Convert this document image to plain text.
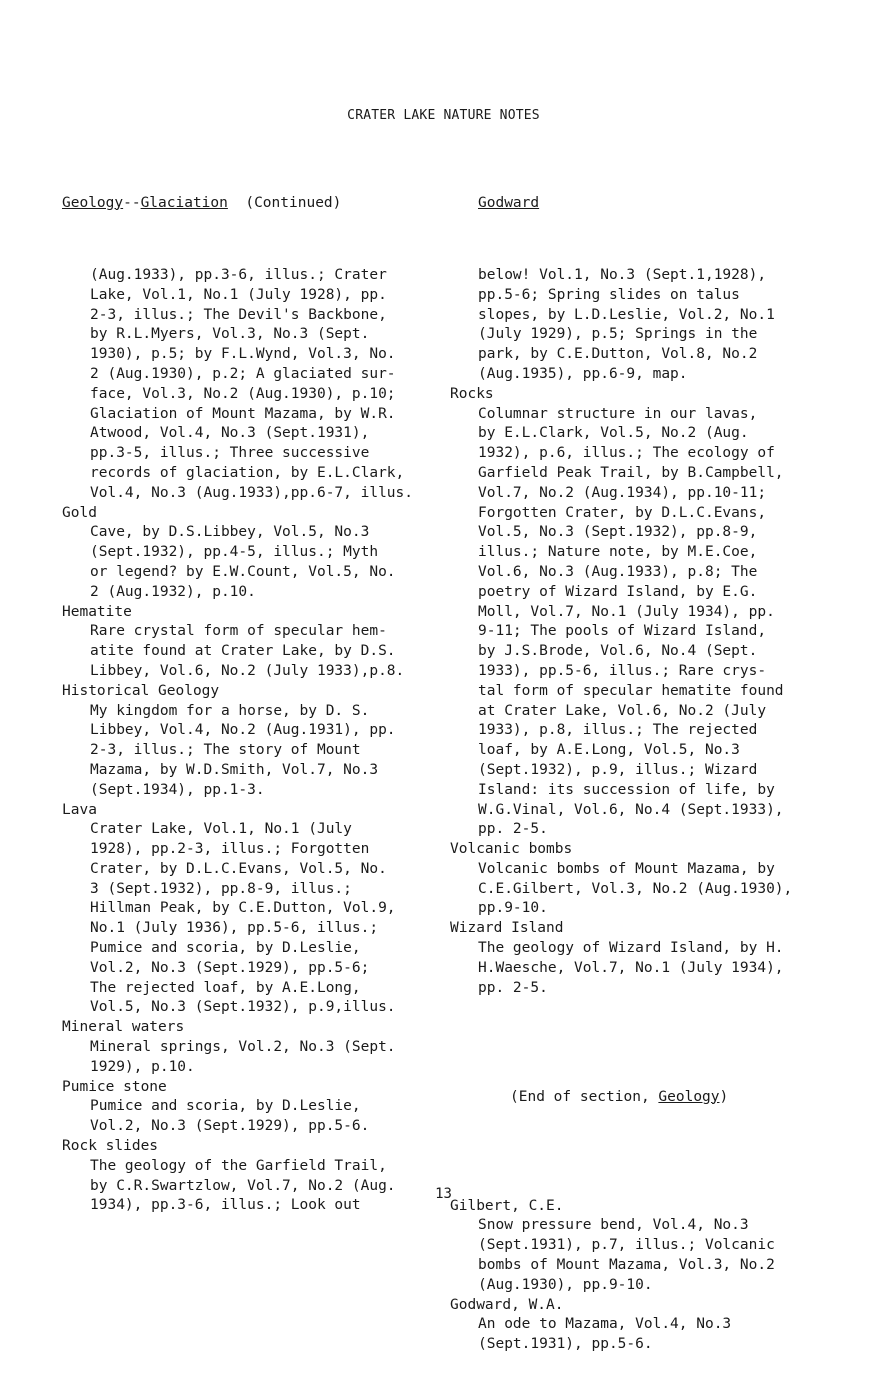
CRATER LAKE NATURE NOTES

Geology--Glaciation  (Continued)

(Aug.1933), pp.3-6, illus.; Crater
Lake, Vol.1, No.1 (July 1928), pp.
2-3, illus.; The Devil's Backbone,
by R.L.Myers, Vol.3, No.3 (Sept.
1930), p.5; by F.L.Wynd, Vol.3, No.
2 (Aug.1930), p.2; A glaciated sur-
face, Vol.3, No.2 (Aug.1930), p.10;
Glaciation of Mount Mazama, by W.R.
Atwood, Vol.4, No.3 (Sept.1931),
pp.3-5, illus.; Three successive
records of glaciation, by E.L.Clark,
Vol.4, No.3 (Aug.1933),pp.6-7, illus.
Gold
Cave, by D.S.Libbey, Vol.5, No.3
(Sept.1932), pp.4-5, illus.; Myth
or legend? by E.W.Count, Vol.5, No.
2 (Aug.1932), p.10.
Hematite
Rare crystal form of specular hem-
atite found at Crater Lake, by D.S.
Libbey, Vol.6, No.2 (July 1933),p.8.
Historical Geology
My kingdom for a horse, by D. S.
Libbey, Vol.4, No.2 (Aug.1931), pp.
2-3, illus.; The story of Mount
Mazama, by W.D.Smith, Vol.7, No.3
(Sept.1934), pp.1-3.
Lava
Crater Lake, Vol.1, No.1 (July
1928), pp.2-3, illus.; Forgotten
Crater, by D.L.C.Evans, Vol.5, No.
3 (Sept.1932), pp.8-9, illus.;
Hillman Peak, by C.E.Dutton, Vol.9,
No.1 (July 1936), pp.5-6, illus.;
Pumice and scoria, by D.Leslie,
Vol.2, No.3 (Sept.1929), pp.5-6;
The rejected loaf, by A.E.Long,
Vol.5, No.3 (Sept.1932), p.9,illus.
Mineral waters
Mineral springs, Vol.2, No.3 (Sept.
1929), p.10.
Pumice stone
Pumice and scoria, by D.Leslie,
Vol.2, No.3 (Sept.1929), pp.5-6.
Rock slides
The geology of the Garfield Trail,
by C.R.Swartzlow, Vol.7, No.2 (Aug.
1934), pp.3-6, illus.; Look out

Godward

below! Vol.1, No.3 (Sept.1,1928),
pp.5-6; Spring slides on talus
slopes, by L.D.Leslie, Vol.2, No.1
(July 1929), p.5; Springs in the
park, by C.E.Dutton, Vol.8, No.2
(Aug.1935), pp.6-9, map.
Rocks
Columnar structure in our lavas,
by E.L.Clark, Vol.5, No.2 (Aug.
1932), p.6, illus.; The ecology of
Garfield Peak Trail, by B.Campbell,
Vol.7, No.2 (Aug.1934), pp.10-11;
Forgotten Crater, by D.L.C.Evans,
Vol.5, No.3 (Sept.1932), pp.8-9,
illus.; Nature note, by M.E.Coe,
Vol.6, No.3 (Aug.1933), p.8; The
poetry of Wizard Island, by E.G.
Moll, Vol.7, No.1 (July 1934), pp.
9-11; The pools of Wizard Island,
by J.S.Brode, Vol.6, No.4 (Sept.
1933), pp.5-6, illus.; Rare crys-
tal form of specular hematite found
at Crater Lake, Vol.6, No.2 (July
1933), p.8, illus.; The rejected
loaf, by A.E.Long, Vol.5, No.3
(Sept.1932), p.9, illus.; Wizard
Island: its succession of life, by
W.G.Vinal, Vol.6, No.4 (Sept.1933),
pp. 2-5.
Volcanic bombs
Volcanic bombs of Mount Mazama, by
C.E.Gilbert, Vol.3, No.2 (Aug.1930),
pp.9-10.
Wizard Island
The geology of Wizard Island, by H.
H.Waesche, Vol.7, No.1 (July 1934),
pp. 2-5.

(End of section, Geology)

Gilbert, C.E.
Snow pressure bend, Vol.4, No.3
(Sept.1931), p.7, illus.; Volcanic
bombs of Mount Mazama, Vol.3, No.2
(Aug.1930), pp.9-10.
Godward, W.A.
An ode to Mazama, Vol.4, No.3
(Sept.1931), pp.5-6.

13
